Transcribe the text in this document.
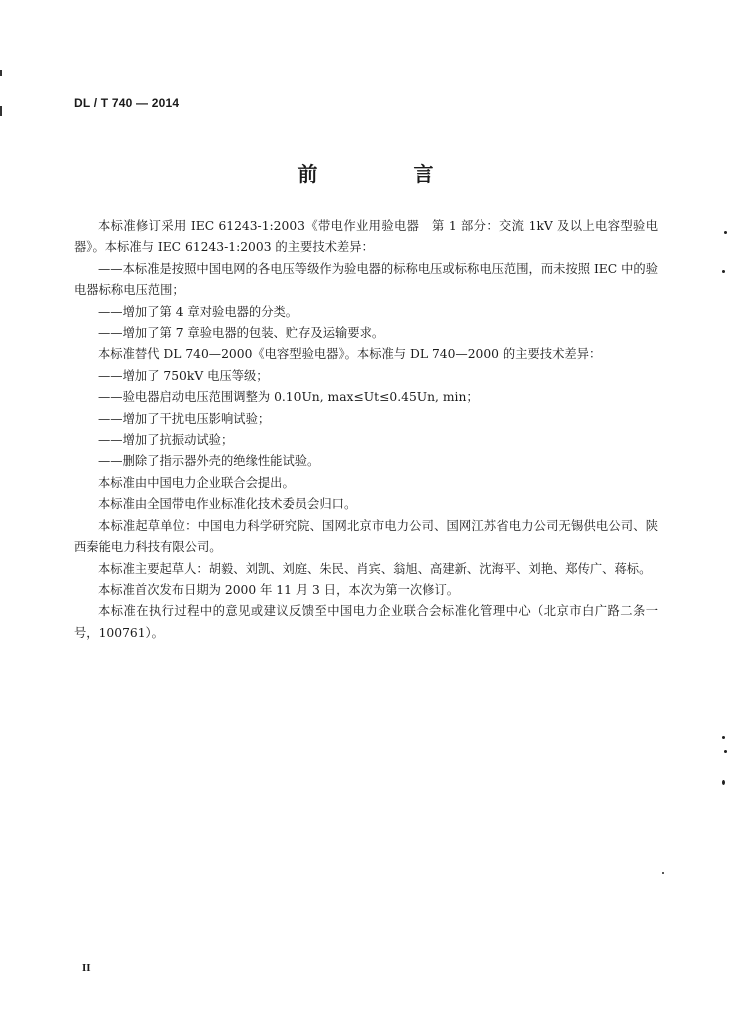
DL / T 740 — 2014
前　言

本标准修订采用 IEC 61243-1:2003《带电作业用验电器　第 1 部分：交流 1kV 及以上电容型验电器》。本标准与 IEC 61243-1:2003 的主要技术差异：

——本标准是按照中国电网的各电压等级作为验电器的标称电压或标称电压范围，而未按照 IEC 中的验电器标称电压范围；

——增加了第 4 章对验电器的分类。

——增加了第 7 章验电器的包装、贮存及运输要求。

本标准替代 DL 740—2000《电容型验电器》。本标准与 DL 740—2000 的主要技术差异：

——增加了 750kV 电压等级；

——验电器启动电压范围调整为 0.10Un, max≤Ut≤0.45Un, min；

——增加了干扰电压影响试验；

——增加了抗振动试验；

——删除了指示器外壳的绝缘性能试验。

本标准由中国电力企业联合会提出。

本标准由全国带电作业标准化技术委员会归口。

本标准起草单位：中国电力科学研究院、国网北京市电力公司、国网江苏省电力公司无锡供电公司、陕西秦能电力科技有限公司。

本标准主要起草人：胡毅、刘凯、刘庭、朱民、肖宾、翁旭、高建新、沈海平、刘艳、郑传广、蒋标。

本标准首次发布日期为 2000 年 11 月 3 日，本次为第一次修订。

本标准在执行过程中的意见或建议反馈至中国电力企业联合会标准化管理中心（北京市白广路二条一号，100761）。

II
